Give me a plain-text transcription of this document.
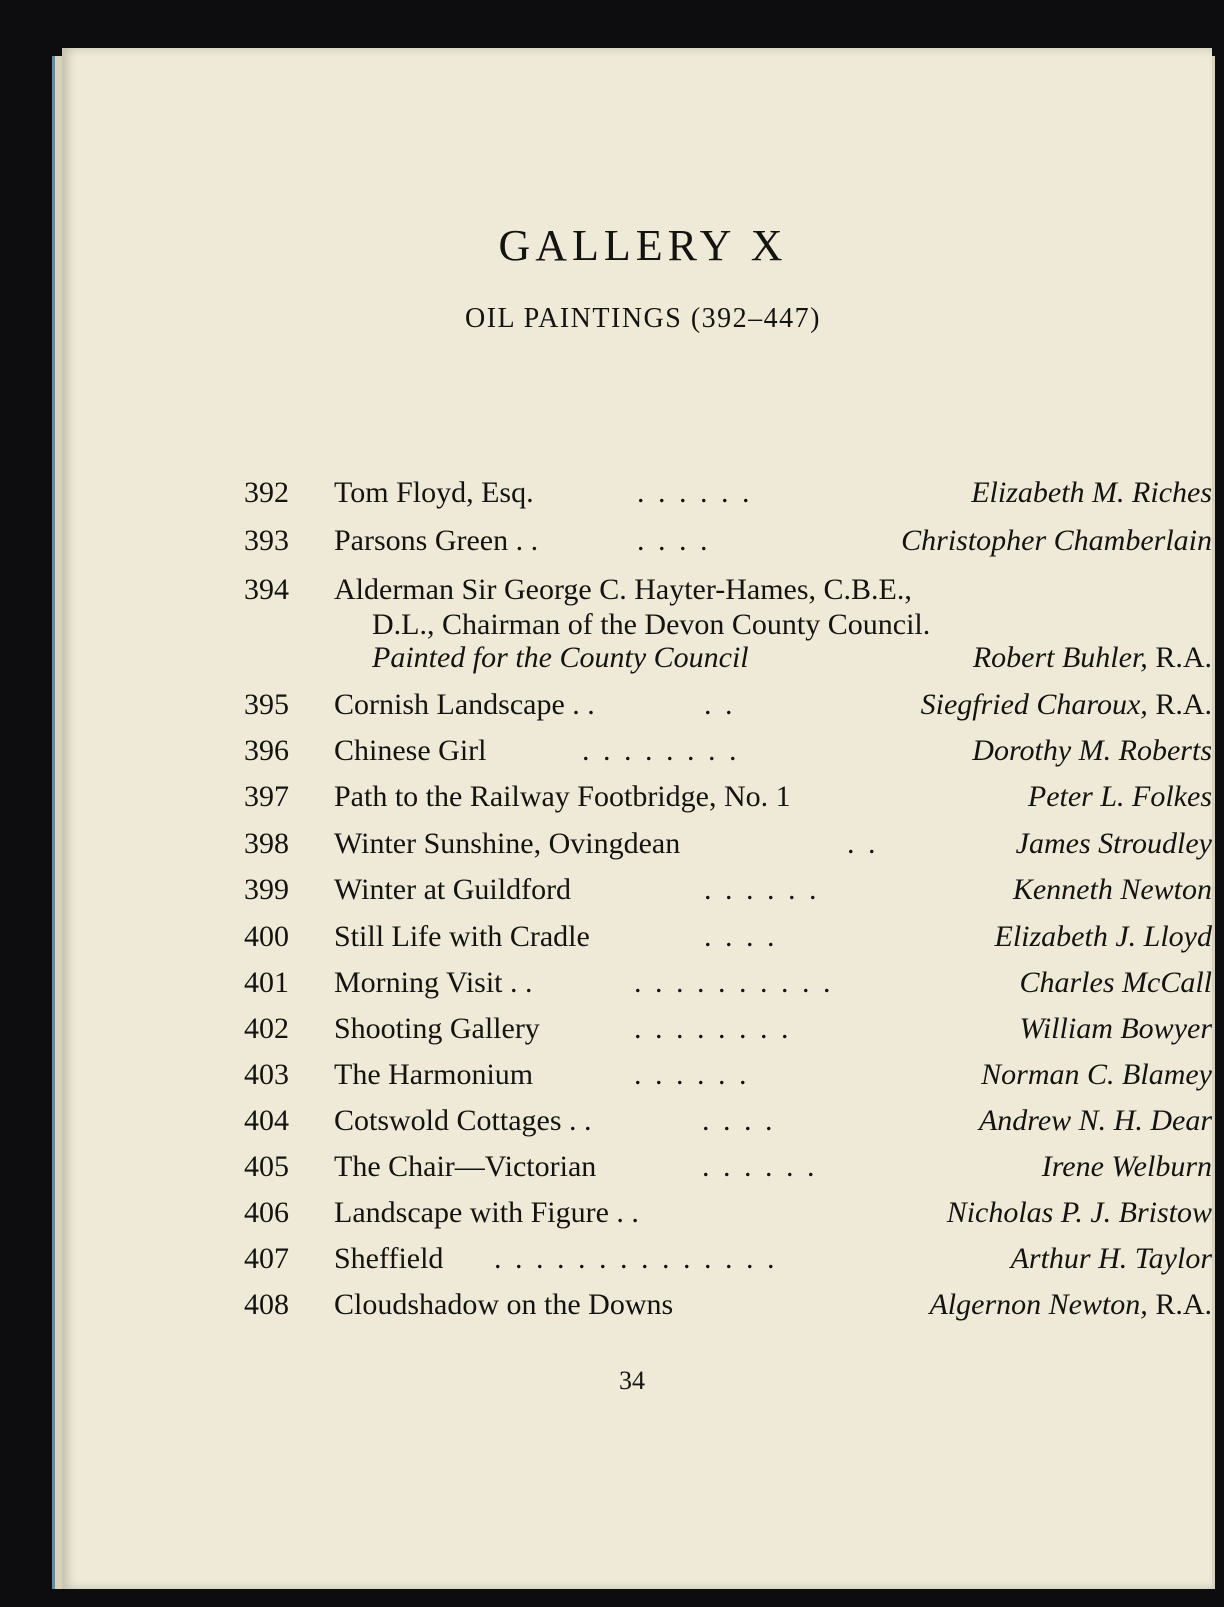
GALLERY X
OIL PAINTINGS (392–447)
392 Tom Floyd, Esq.	. . . . . .	Elizabeth M. Riches
393 Parsons Green . .	. . . .	Christopher Chamberlain
394 Alderman Sir George C. Hayter-Hames, C.B.E.,
D.L., Chairman of the Devon County Council.
Painted for the County Council	Robert Buhler, R.A.
395 Cornish Landscape . .	. .	Siegfried Charoux, R.A.
396 Chinese Girl	. . . . . . . .	Dorothy M. Roberts
397 Path to the Railway Footbridge, No. 1	Peter L. Folkes
398 Winter Sunshine, Ovingdean	. .	James Stroudley
399 Winter at Guildford	. . . . . .	Kenneth Newton
400 Still Life with Cradle	. . . .	Elizabeth J. Lloyd
401 Morning Visit . .	. . . . . . . . . .	Charles McCall
402 Shooting Gallery	. . . . . . . .	William Bowyer
403 The Harmonium	. . . . . .	Norman C. Blamey
404 Cotswold Cottages . .	. . . .	Andrew N. H. Dear
405 The Chair—Victorian	. . . . . .	Irene Welburn
406 Landscape with Figure . .	Nicholas P. J. Bristow
407 Sheffield . . . . . . . . . . . . . .	Arthur H. Taylor
408 Cloudshadow on the Downs	Algernon Newton, R.A.
34
